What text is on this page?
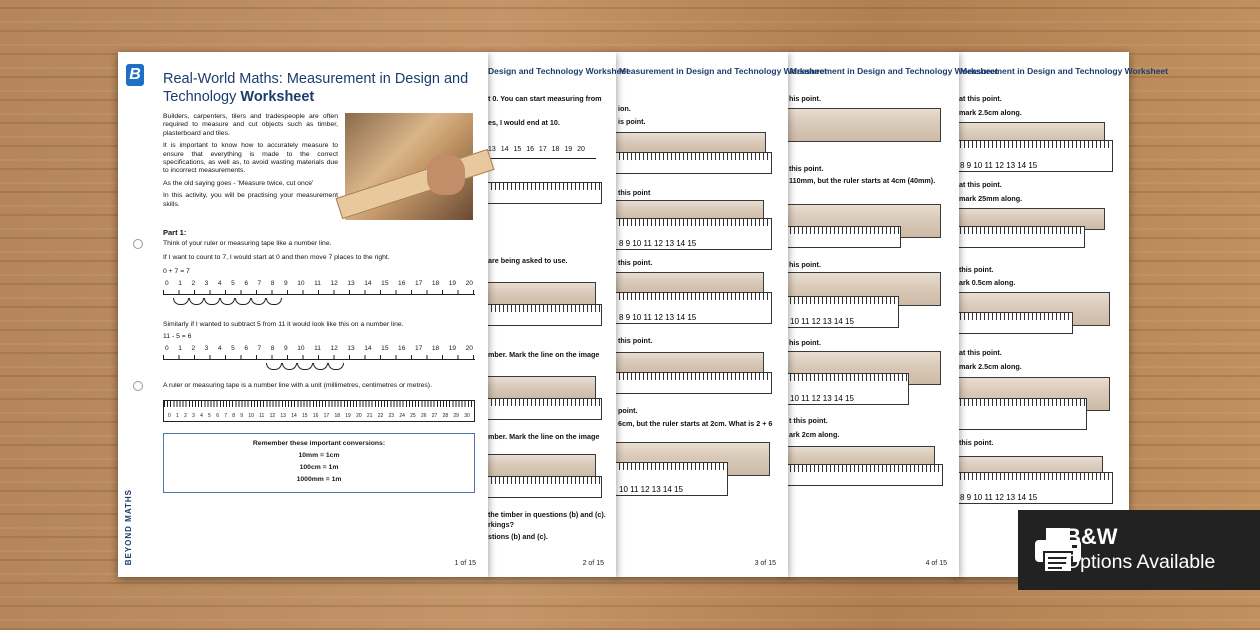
Measurement in Design and Technology Worksheet
at this point.
mark 2.5cm along.
8 9 10 11 12 13 14 15
at this point.
mark 25mm along.
this point.
ark 0.5cm along.
at this point.
mark 2.5cm along.
this point.
8 9 10 11 12 13 14 15
Measurement in Design and Technology Worksheet
his point.
this point.
110mm, but the ruler starts at 4cm (40mm).
his point.
10 11 12 13 14 15
his point.
10 11 12 13 14 15
t this point.
ark 2cm along.
4 of 15
Measurement in Design and Technology Worksheet
ion.
is point.
this point
8 9 10 11 12 13 14 15
this point.
8 9 10 11 12 13 14 15
this point.
point.
6cm, but the ruler starts at 2cm. What is 2 + 6
10 11 12 13 14 15
3 of 15
Design and Technology Worksheet
t 0. You can start measuring from
es, I would end at 10.
13 14 15 16 17 18 19 20
are being asked to use.
mber. Mark the line on the image
mber. Mark the line on the image
the timber in questions (b) and (c).
rkings?
stions (b) and (c).
2 of 15
B
BEYOND MATHS
Real-World Maths: Measurement in Design and Technology Worksheet

Builders, carpenters, tilers and tradespeople are often required to measure and cut objects such as timber, plasterboard and tiles.

It is important to know how to accurately measure to ensure that everything is made to the correct specifications, as well as, to avoid wasting materials due to incorrect measurements.

As the old saying goes - 'Measure twice, cut once'

In this activity, you will be practising your measurement skills.

Part 1:
Think of your ruler or measuring tape like a number line.
If I want to count to 7, I would start at 0 and then move 7 places to the right.
0 + 7 = 7
0 1 2 3 4 5 6 7 8 9 10 11 12 13 14 15 16 17 18 19 20
Similarly if I wanted to subtract 5 from 11 it would look like this on a number line.
11 - 5 = 6
0 1 2 3 4 5 6 7 8 9 10 11 12 13 14 15 16 17 18 19 20
A ruler or measuring tape is a number line with a unit (millimetres, centimetres or metres).
0 1 2 3 4 5 6 7 8 9 10 11 12 13 14 15 16 17 18 19 20 21 22 23 24 25 26 27 28 29 30
Remember these important conversions:
10mm = 1cm
100cm = 1m
1000mm = 1m
1 of 15
B&W
Options Available
